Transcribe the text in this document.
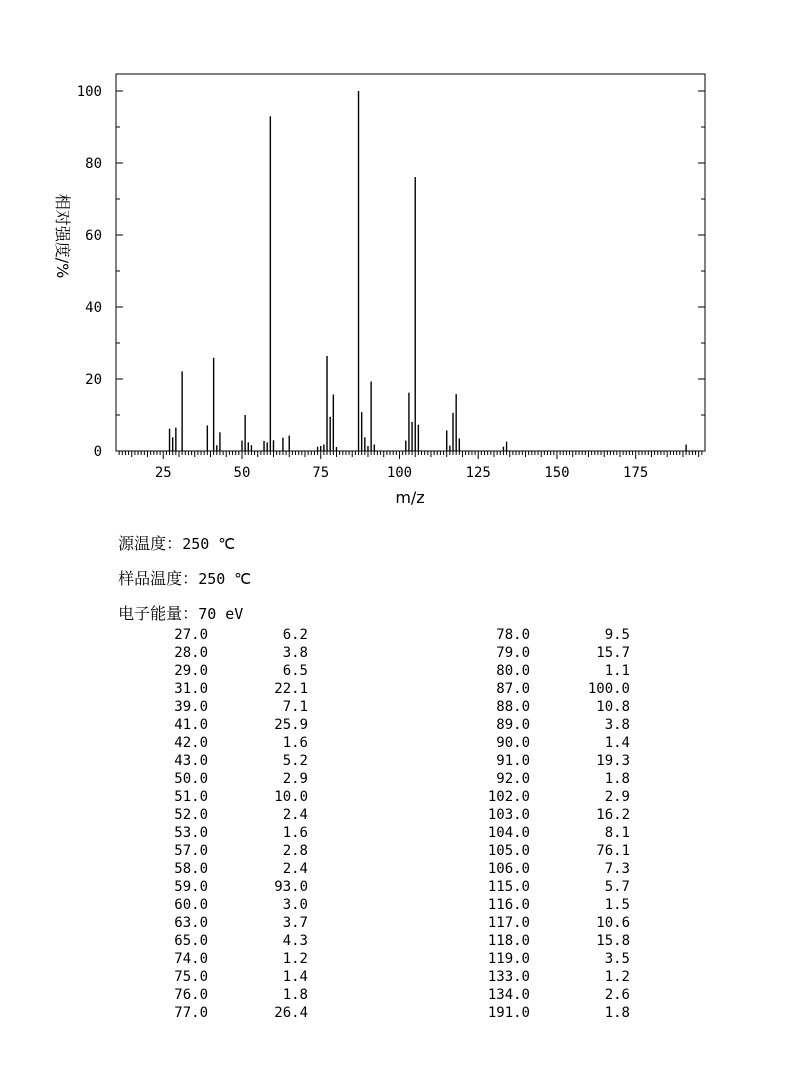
0
20
40
60
80
100
25	50	75	100	125	150	175
m/z
相对强度/%

源温度：250 ℃

样品温度：250 ℃

电子能量：70 eV

27.0	6.2
28.0	3.8
29.0	6.5
31.0	22.1
39.0	7.1
41.0	25.9
42.0	1.6
43.0	5.2
50.0	2.9
51.0	10.0
52.0	2.4
53.0	1.6
57.0	2.8
58.0	2.4
59.0	93.0
60.0	3.0
63.0	3.7
65.0	4.3
74.0	1.2
75.0	1.4
76.0	1.8
77.0	26.4
78.0	9.5
79.0	15.7
80.0	1.1
87.0	100.0
88.0	10.8
89.0	3.8
90.0	1.4
91.0	19.3
92.0	1.8
102.0	2.9
103.0	16.2
104.0	8.1
105.0	76.1
106.0	7.3
115.0	5.7
116.0	1.5
117.0	10.6
118.0	15.8
119.0	3.5
133.0	1.2
134.0	2.6
191.0	1.8
